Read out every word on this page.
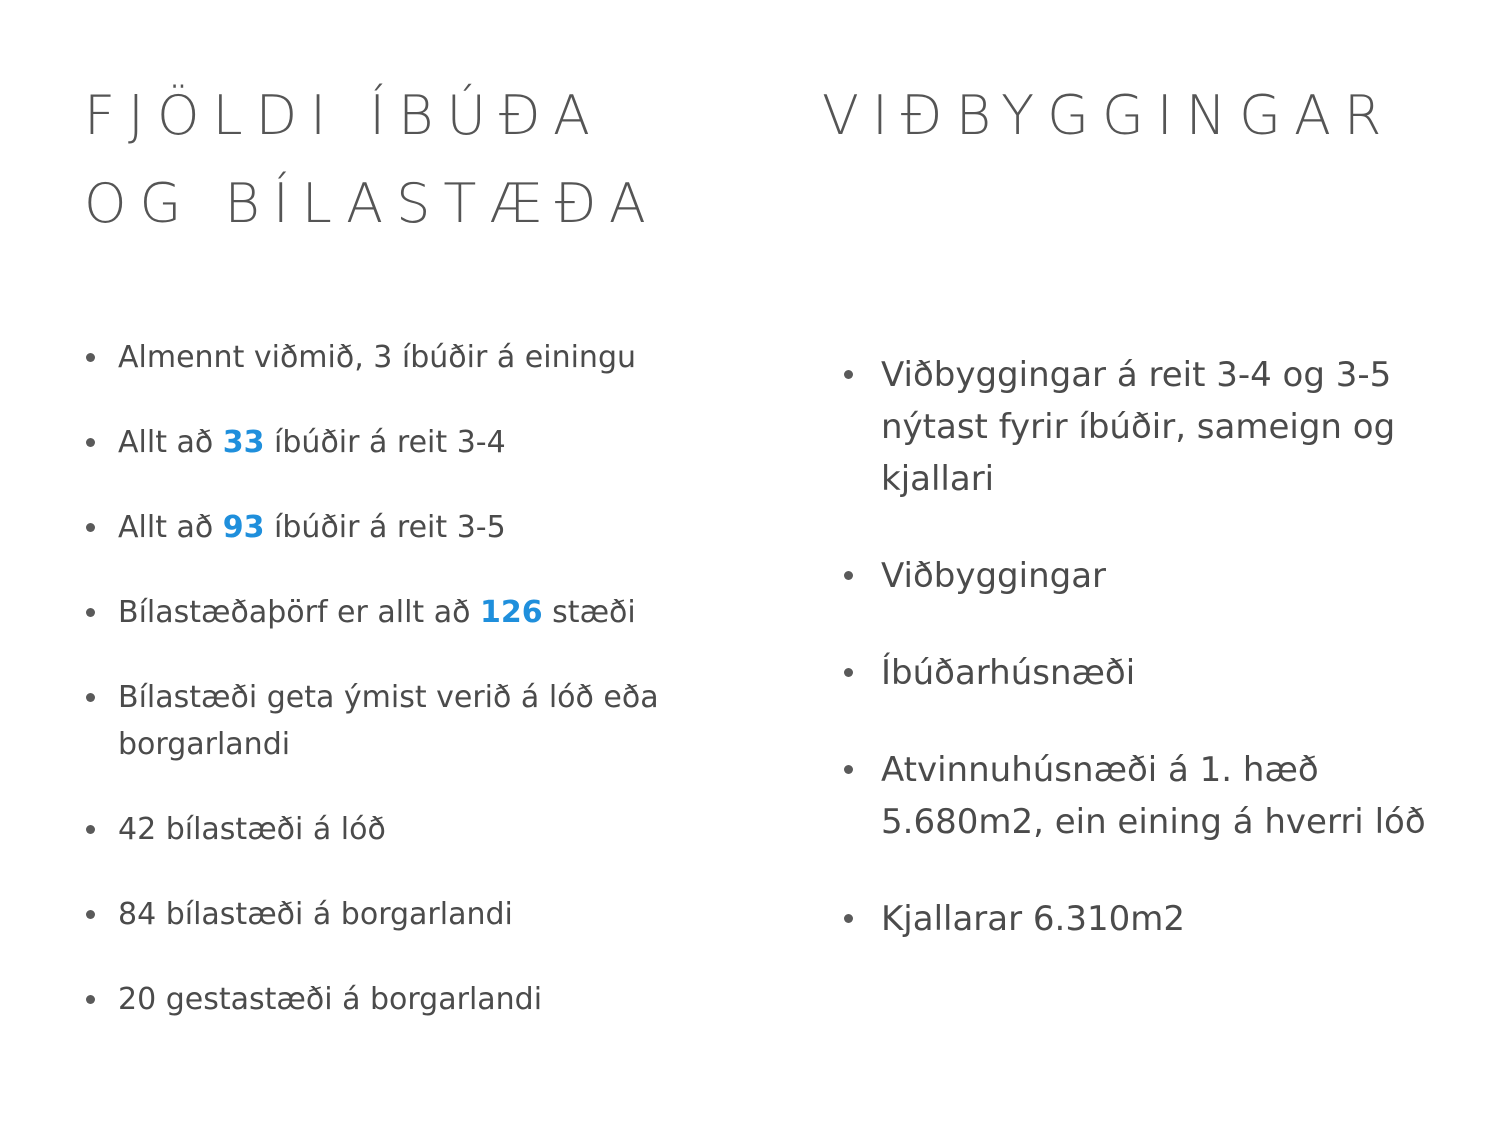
FJÖLDI ÍBÚÐA
OG BÍLASTÆÐA
Almennt viðmið, 3 íbúðir á einingu
Allt að 33 íbúðir á reit 3-4
Allt að 93 íbúðir á reit 3-5
Bílastæðaþörf er allt að 126 stæði
Bílastæði geta ýmist verið á lóð eða
borgarlandi
42 bílastæði á lóð
84 bílastæði á borgarlandi
20 gestastæði á borgarlandi
VIÐBYGGINGAR
Viðbyggingar á reit 3-4 og 3-5
nýtast fyrir íbúðir, sameign og
kjallari
Viðbyggingar
Íbúðarhúsnæði
Atvinnuhúsnæði á 1. hæð
5.680m2, ein eining á hverri lóð
Kjallarar 6.310m2
